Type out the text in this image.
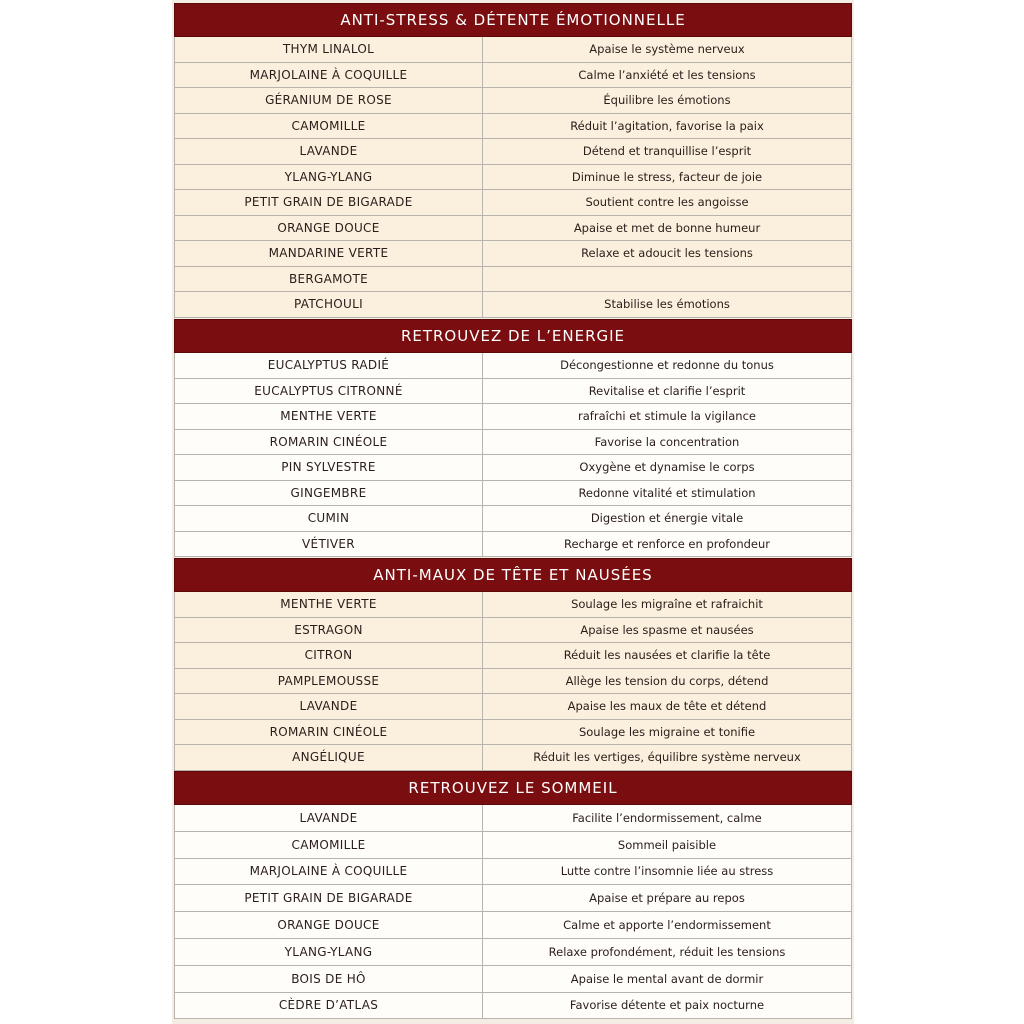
ANTI-STRESS & DÉTENTE ÉMOTIONNELLE
THYM LINALOL	Apaise le système nerveux
MARJOLAINE À COQUILLE	Calme l’anxiété et les tensions
GÉRANIUM DE ROSE	Équilibre les émotions
CAMOMILLE	Réduit l’agitation, favorise la paix
LAVANDE	Détend et tranquillise l’esprit
YLANG-YLANG	Diminue le stress, facteur de joie
PETIT GRAIN DE BIGARADE	Soutient contre les angoisse
ORANGE DOUCE	Apaise et met de bonne humeur
MANDARINE VERTE	Relaxe et adoucit les tensions
BERGAMOTE
PATCHOULI	Stabilise les émotions
RETROUVEZ DE L’ENERGIE
EUCALYPTUS RADIÉ	Décongestionne et redonne du tonus
EUCALYPTUS CITRONNÉ	Revitalise et clarifie l’esprit
MENTHE VERTE	rafraîchi et stimule la vigilance
ROMARIN CINÉOLE	Favorise la concentration
PIN SYLVESTRE	Oxygène et dynamise le corps
GINGEMBRE	Redonne vitalité et stimulation
CUMIN	Digestion et énergie vitale
VÉTIVER	Recharge et renforce en profondeur
ANTI-MAUX DE TÊTE ET NAUSÉES
MENTHE VERTE	Soulage les migraîne et rafraichit
ESTRAGON	Apaise les spasme et nausées
CITRON	Réduit les nausées et clarifie la tête
PAMPLEMOUSSE	Allège les tension du corps, détend
LAVANDE	Apaise les maux de tête et détend
ROMARIN CINÉOLE	Soulage les migraine et tonifie
ANGÉLIQUE	Réduit les vertiges, équilibre système nerveux
RETROUVEZ LE SOMMEIL
LAVANDE	Facilite l’endormissement, calme
CAMOMILLE	Sommeil paisible
MARJOLAINE À COQUILLE	Lutte contre l’insomnie liée au stress
PETIT GRAIN DE BIGARADE	Apaise et prépare au repos
ORANGE DOUCE	Calme et apporte l’endormissement
YLANG-YLANG	Relaxe profondément, réduit les tensions
BOIS DE HÔ	Apaise le mental avant de dormir
CÈDRE D’ATLAS	Favorise détente et paix nocturne
